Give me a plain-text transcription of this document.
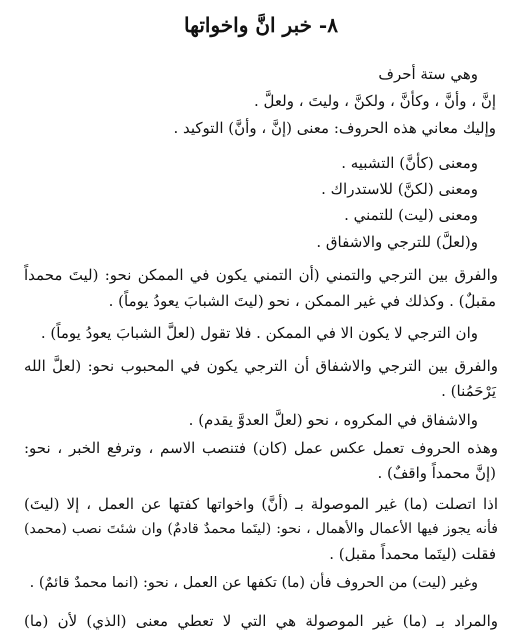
٨- خبر انَّ واخواتها
وهي ستة أحرف
إنَّ ، وأنَّ ، وكأنَّ ، ولكنَّ ، وليتَ ، ولعلَّ .
وإليك معاني هذه الحروف: معنى (إنَّ ، وأنَّ) التوكيد .
ومعنى (كأنَّ) التشبيه .
ومعنى (لكنَّ) للاستدراك .
ومعنى (ليت) للتمني .
و(لعلَّ) للترجي والاشفاق .
والفرق بين الترجي والتمني (أن التمني يكون في الممكن نحو: (ليتَ محمداً
مقبلٌ) . وكذلك في غير الممكن ، نحو (ليتَ الشبابَ يعودُ يوماً) .
وان الترجي لا يكون الا في الممكن . فلا تقول (لعلَّ الشبابَ يعودُ يوماً) .
والفرق بين الترجي والاشفاق أن الترجي يكون في المحبوب نحو: (لعلَّ الله
يَرْحَمُنا) .
والاشفاق في المكروه ، نحو (لعلَّ العدوَّ يقدم) .
وهذه الحروف تعمل عكس عمل (كان) فتنصب الاسم ، وترفع الخبر ، نحو:
(إنَّ محمداً واقفٌ) .
اذا اتصلت (ما) غير الموصولة بـ (أنَّ) واخواتها كفتها عن العمل ، إلا (ليتَ)
فأنه يجوز فيها الأعمال والأهمال ، نحو: (ليتَما محمدٌ قادمٌ) وان شئتَ نصب (محمد)
فقلت (ليتَما محمداً مقبل) .
وغير (ليت) من الحروف فأن (ما) تكفها عن العمل ، نحو: (انما محمدٌ قائمٌ) .
والمراد بـ (ما) غير الموصولة هي التي لا تعطي معنى (الذي) لأن (ما)
